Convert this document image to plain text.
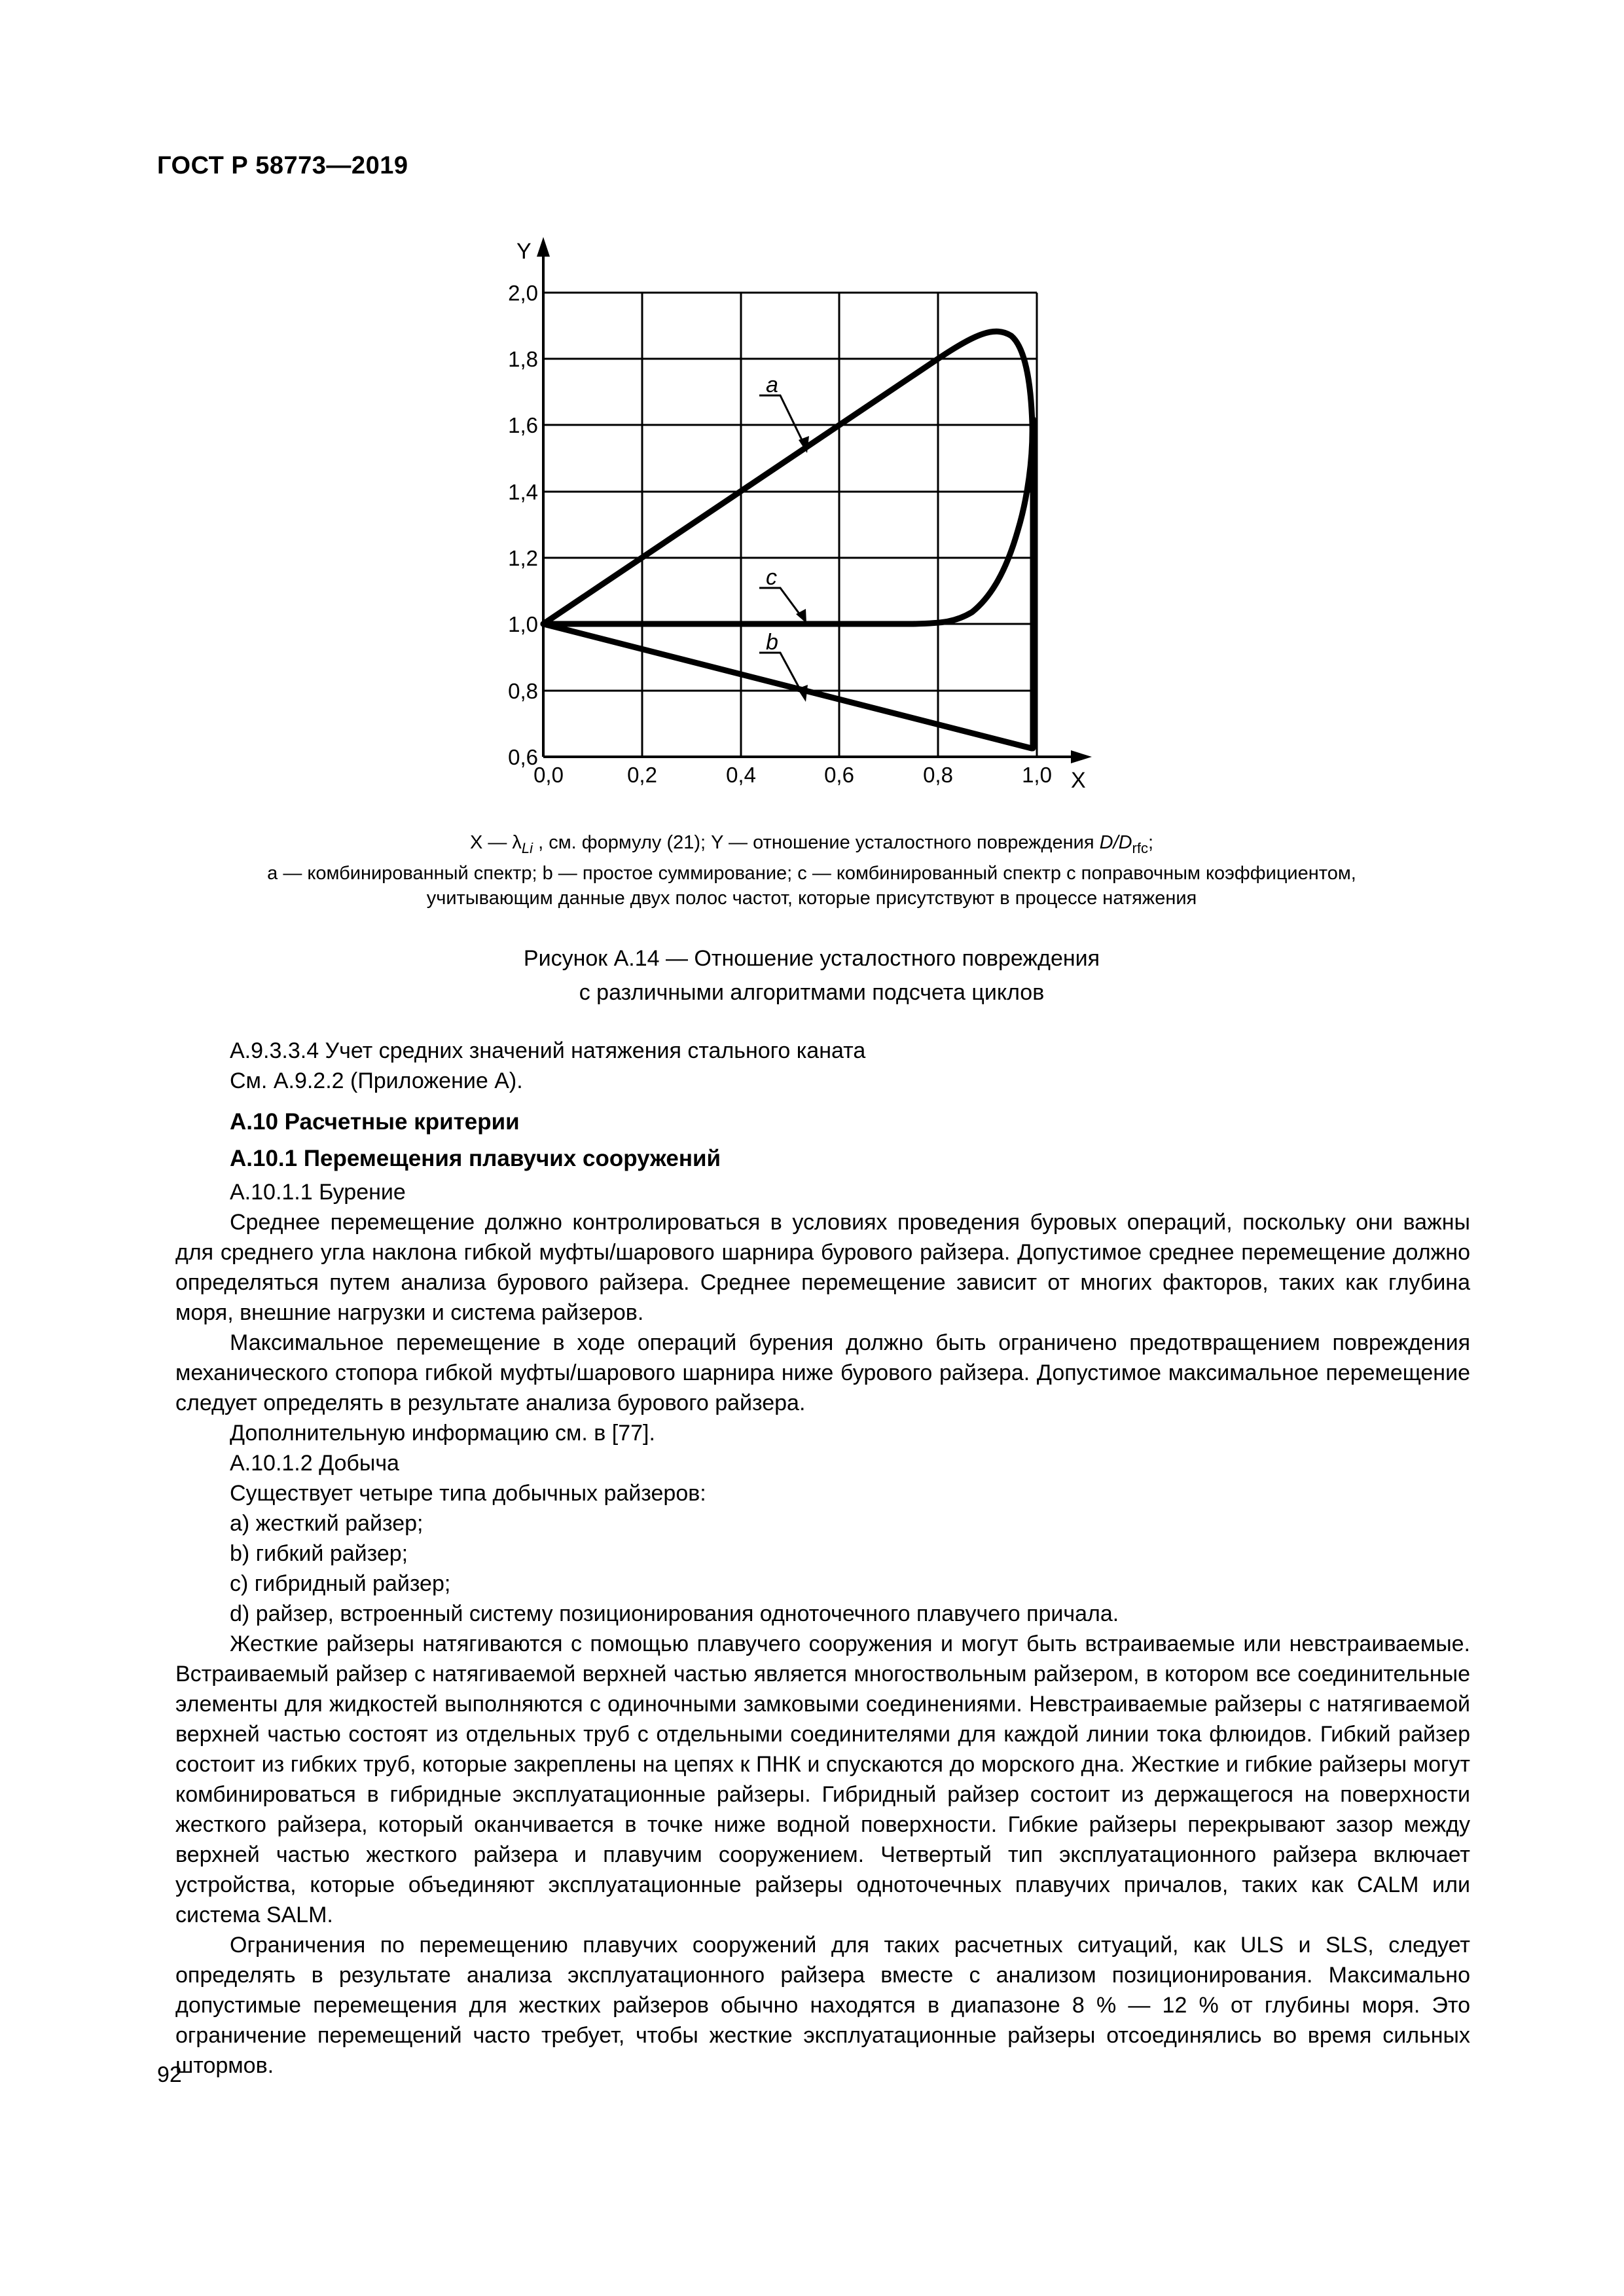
ГОСТ Р 58773—2019
2,0
1,8
1,6
1,4
1,2
1,0
0,8
0,6
0,0	0,2	0,4	0,6	0,8	1,0
Y
X
a
c
b
X — $\lambda_{Li}$ , см. формулу (21); Y — отношение усталостного повреждения $D/D_{rfc}$;
a — комбинированный спектр; b — простое суммирование; c — комбинированный спектр с поправочным коэффициентом,
учитывающим данные двух полос частот, которые присутствуют в процессе натяжения
Рисунок А.14 — Отношение усталостного повреждения
с различными алгоритмами подсчета циклов

А.9.3.3.4 Учет средних значений натяжения стального каната

См. А.9.2.2 (Приложение А).

А.10 Расчетные критерии

А.10.1 Перемещения плавучих сооружений

А.10.1.1 Бурение

Среднее перемещение должно контролироваться в условиях проведения буровых операций, поскольку они важны для среднего угла наклона гибкой муфты/шарового шарнира бурового райзера. Допустимое среднее перемещение должно определяться путем анализа бурового райзера. Среднее перемещение зависит от многих факторов, таких как глубина моря, внешние нагрузки и система райзеров.

Максимальное перемещение в ходе операций бурения должно быть ограничено предотвращением повреждения механического стопора гибкой муфты/шарового шарнира ниже бурового райзера. Допустимое максимальное перемещение следует определять в результате анализа бурового райзера.

Дополнительную информацию см. в [77].

А.10.1.2 Добыча

Существует четыре типа добычных райзеров:

a) жесткий райзер;

b) гибкий райзер;

c) гибридный райзер;

d) райзер, встроенный систему позиционирования одноточечного плавучего причала.

Жесткие райзеры натягиваются с помощью плавучего сооружения и могут быть встраиваемые или невстраиваемые. Встраиваемый райзер с натягиваемой верхней частью является многоствольным райзером, в котором все соединительные элементы для жидкостей выполняются с одиночными замковыми соединениями. Невстраиваемые райзеры с натягиваемой верхней частью состоят из отдельных труб с отдельными соединителями для каждой линии тока флюидов. Гибкий райзер состоит из гибких труб, которые закреплены на цепях к ПНК и спускаются до морского дна. Жесткие и гибкие райзеры могут комбинироваться в гибридные эксплуатационные райзеры. Гибридный райзер состоит из держащегося на поверхности жесткого райзера, который оканчивается в точке ниже водной поверхности. Гибкие райзеры перекрывают зазор между верхней частью жесткого райзера и плавучим сооружением. Четвертый тип эксплуатационного райзера включает устройства, которые объединяют эксплуатационные райзеры одноточечных плавучих причалов, таких как CALM или система SALM.

Ограничения по перемещению плавучих сооружений для таких расчетных ситуаций, как ULS и SLS, следует определять в результате анализа эксплуатационного райзера вместе с анализом позиционирования. Максимально допустимые перемещения для жестких райзеров обычно находятся в диапазоне 8 % — 12 % от глубины моря. Это ограничение перемещений часто требует, чтобы жесткие эксплуатационные райзеры отсоединялись во время сильных штормов.

92
